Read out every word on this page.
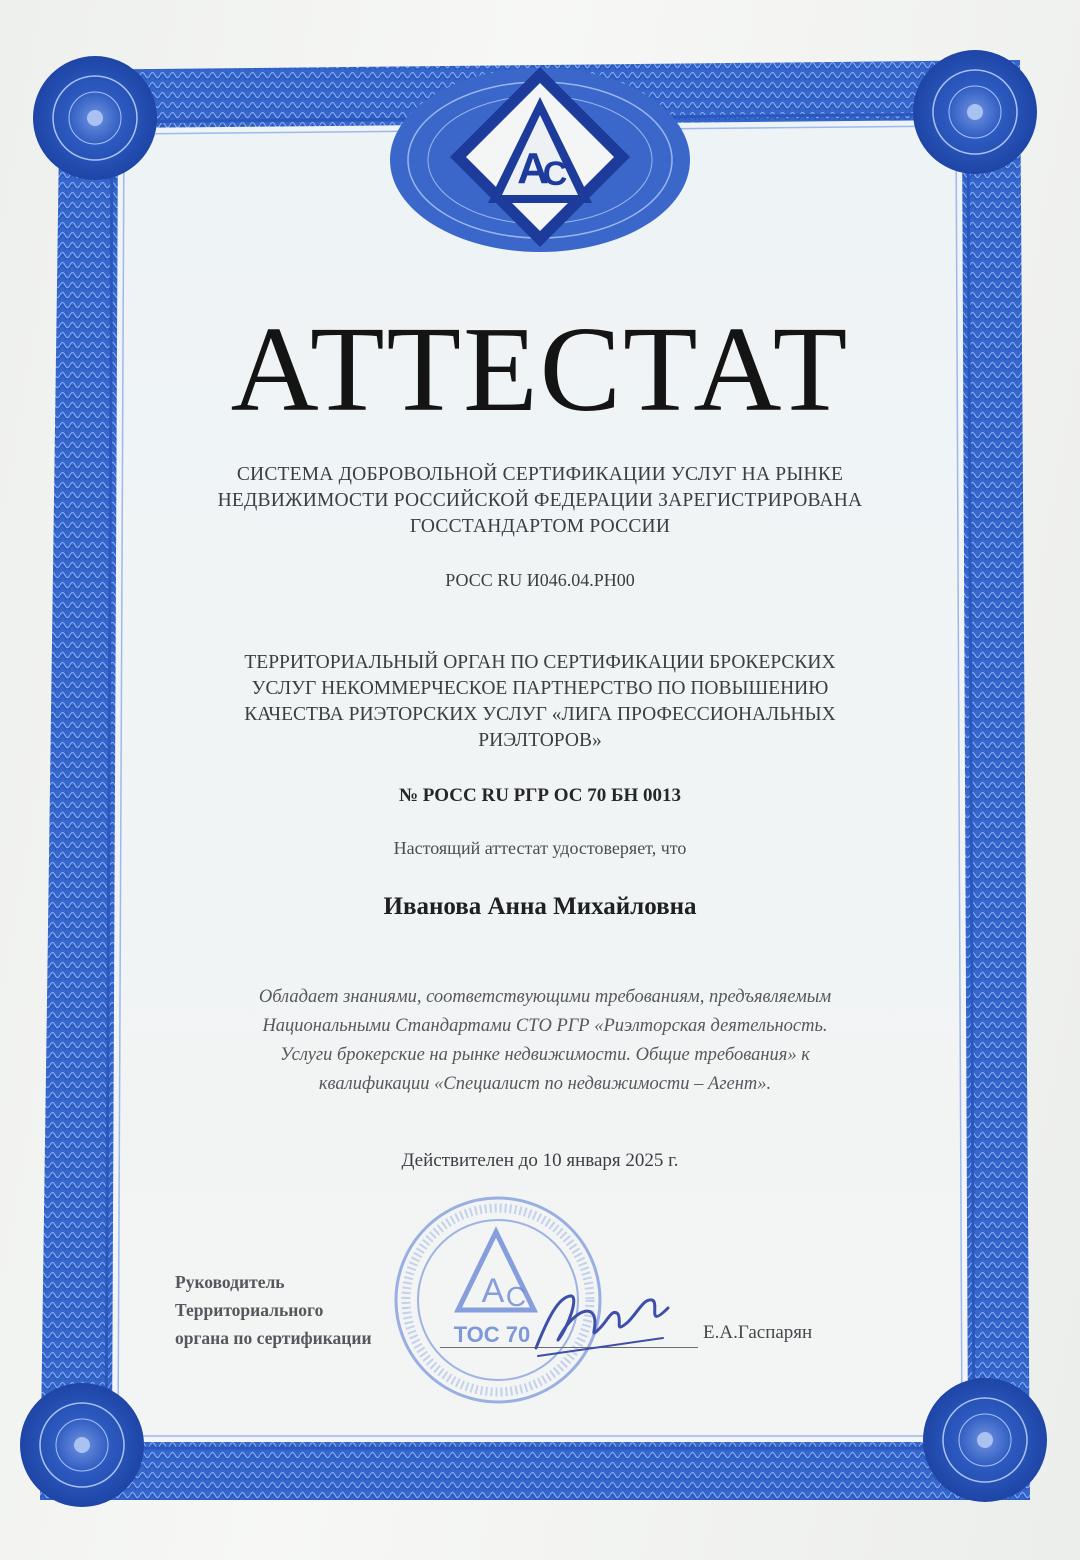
А
С
АТТЕСТАТ
СИСТЕМА ДОБРОВОЛЬНОЙ СЕРТИФИКАЦИИ УСЛУГ НА РЫНКЕ
НЕДВИЖИМОСТИ РОССИЙСКОЙ ФЕДЕРАЦИИ ЗАРЕГИСТРИРОВАНА
ГОССТАНДАРТОМ РОССИИ
РОСС RU И046.04.РН00
ТЕРРИТОРИАЛЬНЫЙ ОРГАН ПО СЕРТИФИКАЦИИ БРОКЕРСКИХ
УСЛУГ НЕКОММЕРЧЕСКОЕ ПАРТНЕРСТВО ПО ПОВЫШЕНИЮ
КАЧЕСТВА РИЭТОРСКИХ УСЛУГ «ЛИГА ПРОФЕССИОНАЛЬНЫХ
РИЭЛТОРОВ»
№ РОСС RU РГР ОС 70 БН 0013
Настоящий аттестат удостоверяет, что
Иванова Анна Михайловна
Обладает знаниями, соответствующими требованиям, предъявляемым
Национальными Стандартами СТО РГР «Риэлторская деятельность.
Услуги брокерские на рынке недвижимости. Общие требования» к
квалификации «Специалист по недвижимости – Агент».
Действителен до 10 января 2025 г.
А С
ТОС 70
Руководитель
Территориального
органа по сертификации	Е.А.Гаспарян
